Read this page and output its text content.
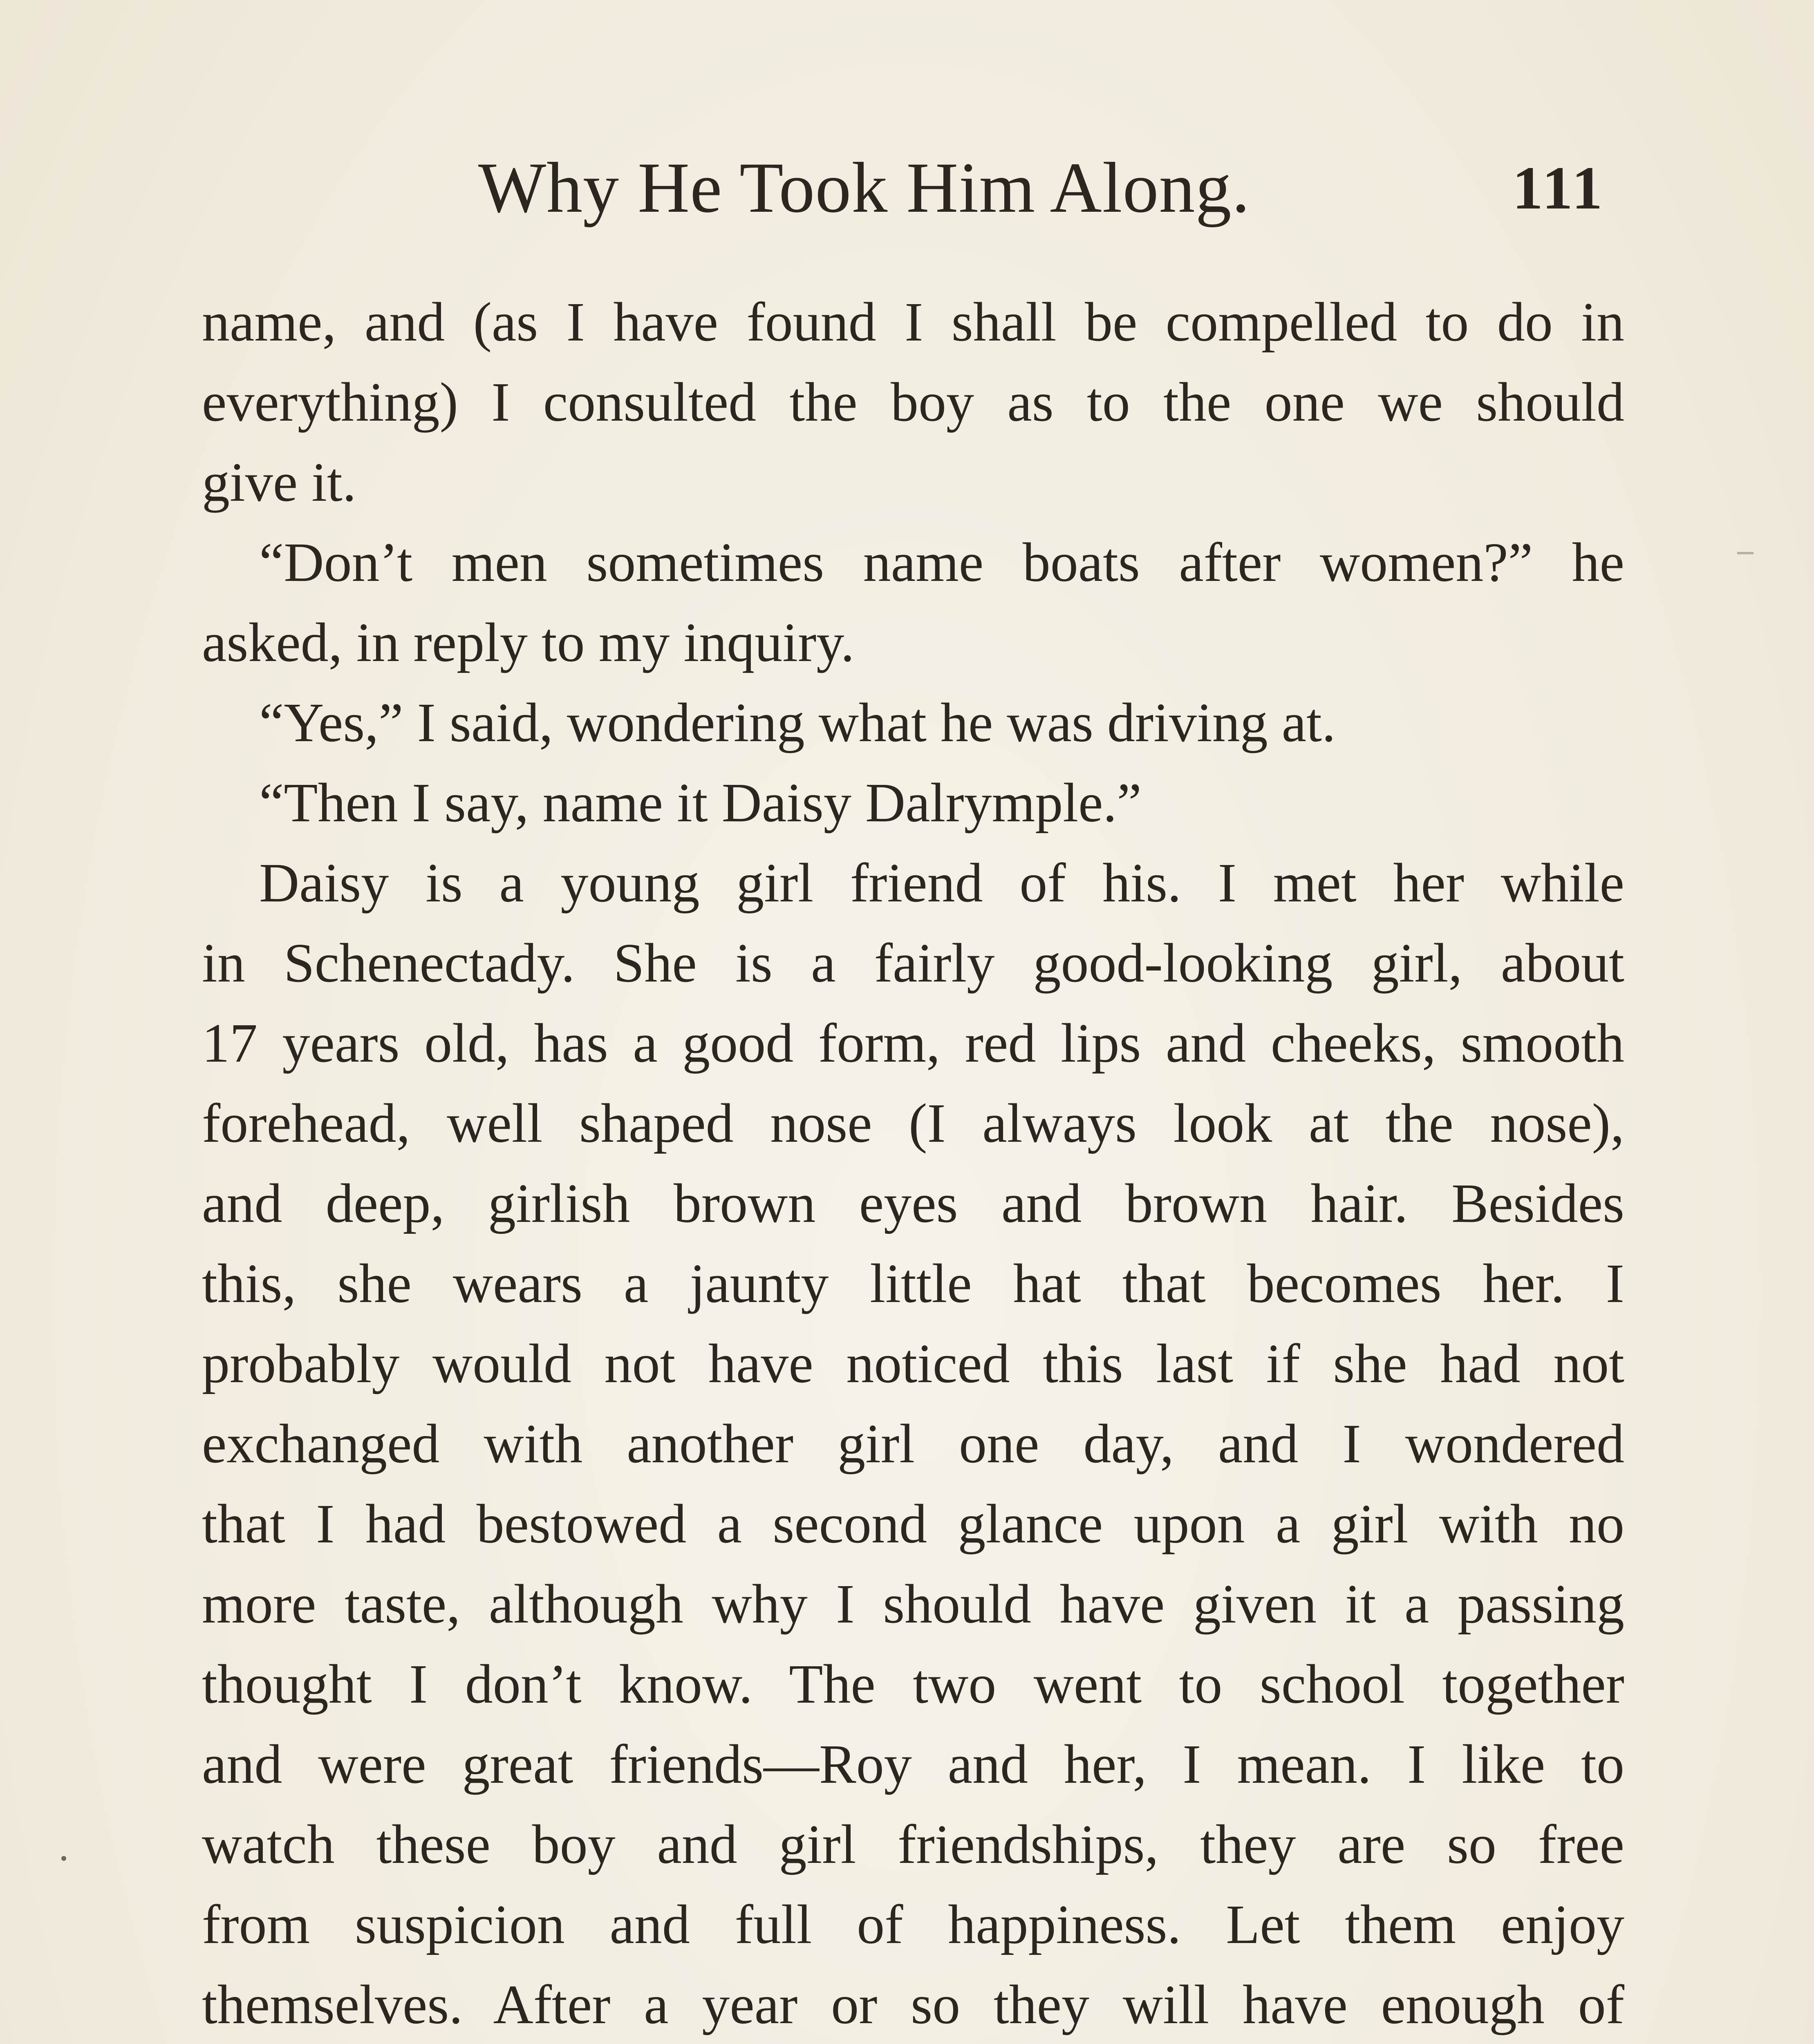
Why He Took Him Along.	111
name, and (as I have found I shall be compelled to do in
everything) I consulted the boy as to the one we should
give it.
“Don’t men sometimes name boats after women?” he
asked, in reply to my inquiry.
“Yes,” I said, wondering what he was driving at.
“Then I say, name it Daisy Dalrymple.”
Daisy is a young girl friend of his. I met her while
in Schenectady. She is a fairly good-looking girl, about
17 years old, has a good form, red lips and cheeks, smooth
forehead, well shaped nose (I always look at the nose),
and deep, girlish brown eyes and brown hair. Besides
this, she wears a jaunty little hat that becomes her. I
probably would not have noticed this last if she had not
exchanged with another girl one day, and I wondered
that I had bestowed a second glance upon a girl with no
more taste, although why I should have given it a passing
thought I don’t know. The two went to school together
and were great friends—Roy and her, I mean. I like to
watch these boy and girl friendships, they are so free
from suspicion and full of happiness. Let them enjoy
themselves. After a year or so they will have enough of
